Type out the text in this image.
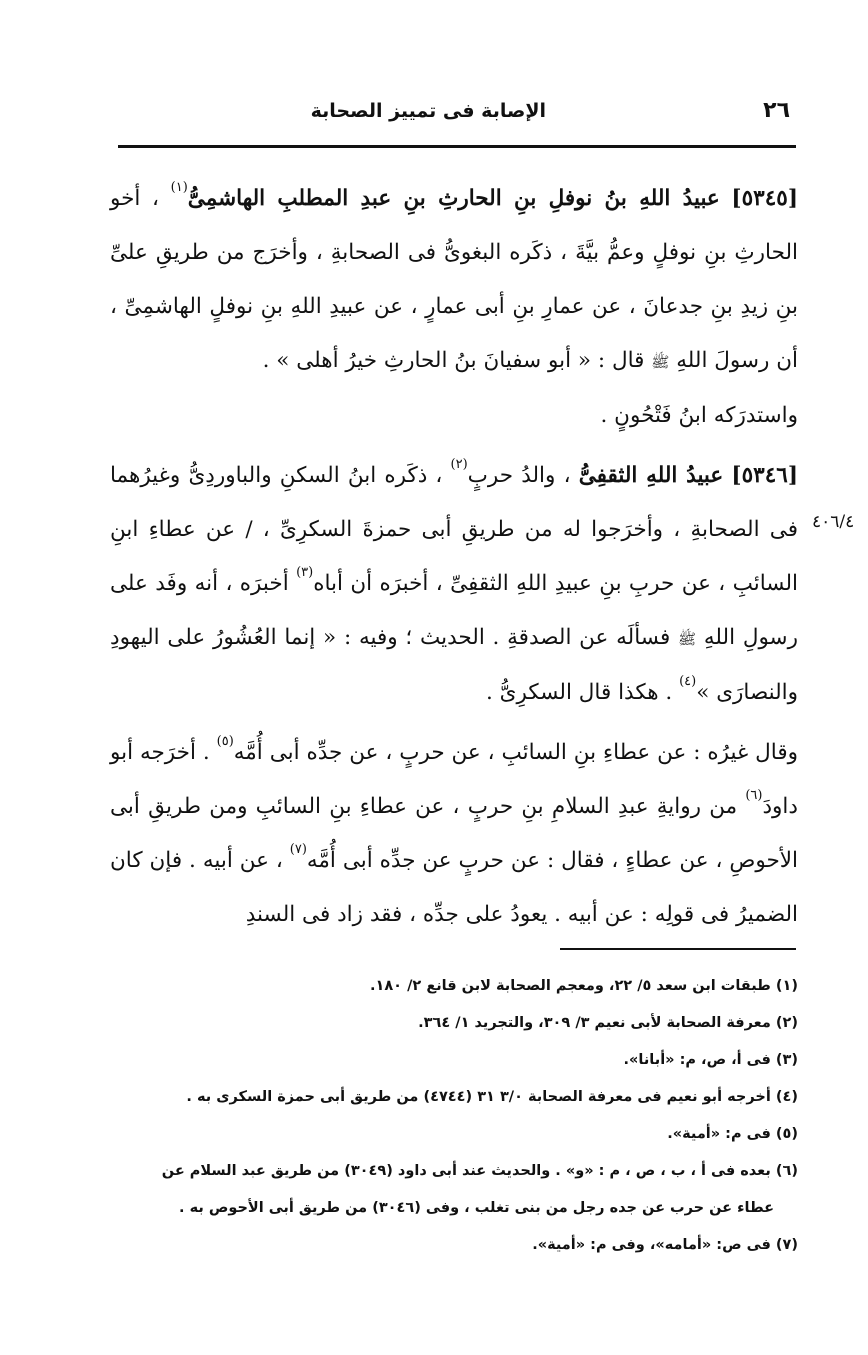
٢٦
الإصابة فى تمييز الصحابة
٤٠٦/٤
[٥٣٤٥] عبيدُ اللهِ بنُ نوفلِ بنِ الحارثِ بنِ عبدِ المطلبِ الهاشمِىُّ$^{(١)}$ ، أخو الحارثِ بنِ نوفلٍ وعمُّ بيَّةَ ، ذكَره البغوىُّ فى الصحابةِ ، وأخرَج من طريقِ علىِّ بنِ زيدِ بنِ جدعانَ ، عن عمارِ بنِ أبى عمارٍ ، عن عبيدِ اللهِ بنِ نوفلٍ الهاشمِىِّ ، أن رسولَ اللهِ ﷺ قال : « أبو سفيانَ بنُ الحارثِ خيرُ أهلى » .
واستدرَكه ابنُ فَتْحُونٍ .
[٥٣٤٦] عبيدُ اللهِ الثقفِىُّ ، والدُ حربٍ$^{(٢)}$ ، ذكَره ابنُ السكنِ والباوردِىُّ وغيرُهما فى الصحابةِ ، وأخرَجوا له من طريقِ أبى حمزةَ السكرِىِّ ، / عن عطاءِ ابنِ السائبِ ، عن حربِ بنِ عبيدِ اللهِ الثقفِىِّ ، أخبرَه أن أباه$^{(٣)}$ أخبرَه ، أنه وفَد على رسولِ اللهِ ﷺ فسألَه عن الصدقةِ . الحديث ؛ وفيه : « إنما العُشُورُ على اليهودِ والنصارَى »$^{(٤)}$ . هكذا قال السكرِىُّ .
وقال غيرُه : عن عطاءِ بنِ السائبِ ، عن حربٍ ، عن جدِّه أبى أُمَّه$^{(٥)}$ . أخرَجه أبو داودَ$^{(٦)}$ من روايةِ عبدِ السلامِ بنِ حربٍ ، عن عطاءِ بنِ السائبِ ومن طريقِ أبى الأحوصِ ، عن عطاءٍ ، فقال : عن حربٍ عن جدِّه أبى أُمَّه$^{(٧)}$ ، عن أبيه . فإن كان الضميرُ فى قولِه : عن أبيه . يعودُ على جدِّه ، فقد زاد فى السندِ

(١) طبقات ابن سعد ٥/ ٢٢، ومعجم الصحابة لابن قانع ٢/ ١٨٠.

(٢) معرفة الصحابة لأبى نعيم ٣/ ٣٠٩، والتجريد ١/ ٣٦٤.

(٣) فى أ، ص، م: «أبانا».

(٤) أخرجه أبو نعيم فى معرفة الصحابة ٣/٠ ٣١ (٤٧٤٤) من طريق أبى حمزة السكرى به .

(٥) فى م: «أمية».

(٦) بعده فى أ ، ب ، ص ، م : «و» . والحديث عند أبى داود (٣٠٤٩) من طريق عبد السلام عن
عطاء عن حرب عن جده رجل من بنى تغلب ، وفى (٣٠٤٦) من طريق أبى الأحوص به .

(٧) فى ص: «أمامه»، وفى م: «أمية».
